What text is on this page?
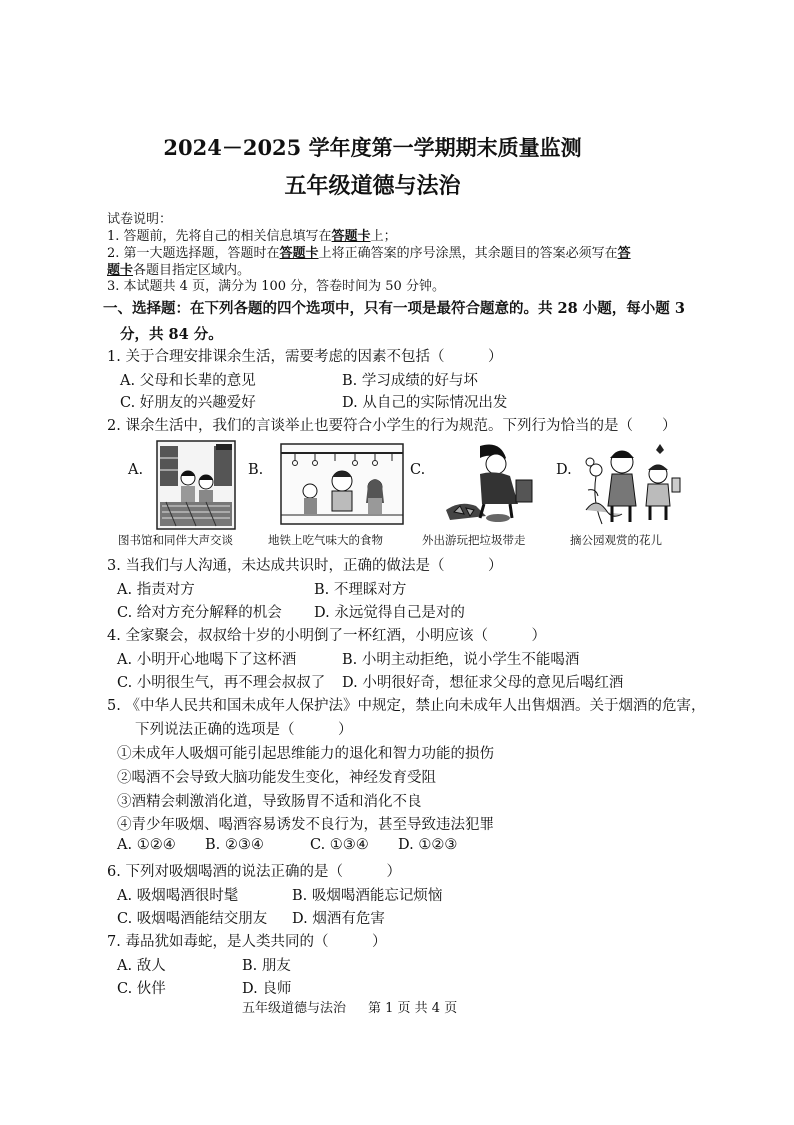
2024－2025 学年度第一学期期末质量监测
五年级道德与法治
试卷说明：
1. 答题前，先将自己的相关信息填写在答题卡上；
2. 第一大题选择题，答题时在答题卡上将正确答案的序号涂黑，其余题目的答案必须写在答
题卡各题目指定区域内。
3. 本试题共 4 页，满分为 100 分，答卷时间为 50 分钟。
一、选择题：在下列各题的四个选项中，只有一项是最符合题意的。共 28 小题，每小题 3
分，共 84 分。
1. 关于合理安排课余生活，需要考虑的因素不包括（　　　）
A. 父母和长辈的意见	B. 学习成绩的好与坏
C. 好朋友的兴趣爱好	D. 从自己的实际情况出发
2. 课余生活中，我们的言谈举止也要符合小学生的行为规范。下列行为恰当的是（　　）
A.	B.	C.	D.
图书馆和同伴大声交谈	地铁上吃气味大的食物	外出游玩把垃圾带走	摘公园观赏的花儿
3. 当我们与人沟通，未达成共识时，正确的做法是（　　　）
A. 指责对方	B. 不理睬对方
C. 给对方充分解释的机会 D. 永远觉得自己是对的
4. 全家聚会，叔叔给十岁的小明倒了一杯红酒，小明应该（　　　）
A. 小明开心地喝下了这杯酒	B. 小明主动拒绝，说小学生不能喝酒
C. 小明很生气，再不理会叔叔了 D. 小明很好奇，想征求父母的意见后喝红酒
5. 《中华人民共和国未成年人保护法》中规定，禁止向未成年人出售烟酒。关于烟酒的危害，
下列说法正确的选项是（　　　）
①未成年人吸烟可能引起思维能力的退化和智力功能的损伤
②喝酒不会导致大脑功能发生变化，神经发育受阻
③酒精会刺激消化道，导致肠胃不适和消化不良
④青少年吸烟、喝酒容易诱发不良行为，甚至导致违法犯罪
A. ①②④ B. ②③④	C. ①③④ D. ①②③
6. 下列对吸烟喝酒的说法正确的是（　　　）
A. 吸烟喝酒很时髦	B. 吸烟喝酒能忘记烦恼
C. 吸烟喝酒能结交朋友 D. 烟酒有危害
7. 毒品犹如毒蛇，是人类共同的（　　　）
A. 敌人	B. 朋友
C. 伙伴	D. 良师
五年级道德与法治 第 1 页 共 4 页
